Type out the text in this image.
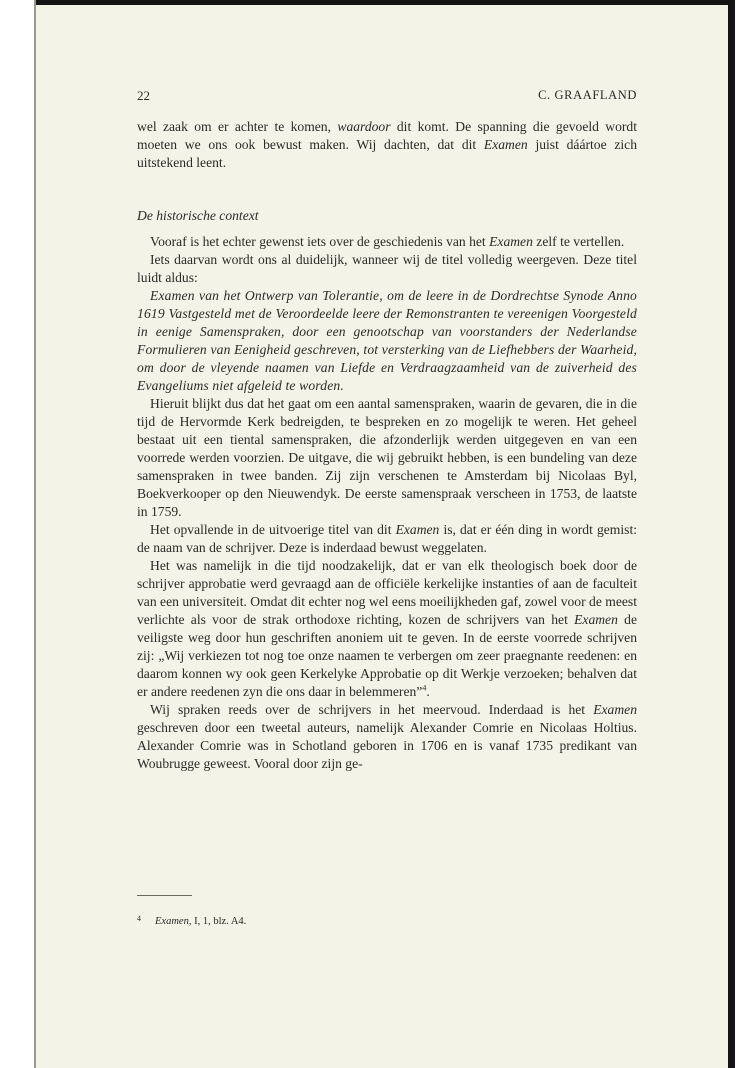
22	C. GRAAFLAND

wel zaak om er achter te komen, waardoor dit komt. De spanning die gevoeld wordt moeten we ons ook bewust maken. Wij dachten, dat dit Examen juist dáártoe zich uitstekend leent.

De historische context

Vooraf is het echter gewenst iets over de geschiedenis van het Examen zelf te vertellen.

Iets daarvan wordt ons al duidelijk, wanneer wij de titel volledig weergeven. Deze titel luidt aldus:

Examen van het Ontwerp van Tolerantie, om de leere in de Dordrechtse Synode Anno 1619 Vastgesteld met de Veroordeelde leere der Remonstranten te vereenigen Voorgesteld in eenige Samenspraken, door een genootschap van voorstanders der Nederlandse Formulieren van Eenigheid geschreven, tot versterking van de Liefhebbers der Waarheid, om door de vleyende naamen van Liefde en Verdraagzaamheid van de zuiverheid des Evangeliums niet afgeleid te worden.

Hieruit blijkt dus dat het gaat om een aantal samenspraken, waarin de gevaren, die in die tijd de Hervormde Kerk bedreigden, te bespreken en zo mogelijk te weren. Het geheel bestaat uit een tiental samenspraken, die afzonderlijk werden uitgegeven en van een voorrede werden voorzien. De uitgave, die wij gebruikt hebben, is een bundeling van deze samenspraken in twee banden. Zij zijn verschenen te Amsterdam bij Nicolaas Byl, Boekverkooper op den Nieuwendyk. De eerste samenspraak verscheen in 1753, de laatste in 1759.

Het opvallende in de uitvoerige titel van dit Examen is, dat er één ding in wordt gemist: de naam van de schrijver. Deze is inderdaad bewust weggelaten.

Het was namelijk in die tijd noodzakelijk, dat er van elk theologisch boek door de schrijver approbatie werd gevraagd aan de officiële kerkelijke instanties of aan de faculteit van een universiteit. Omdat dit echter nog wel eens moeilijkheden gaf, zowel voor de meest verlichte als voor de strak orthodoxe richting, kozen de schrijvers van het Examen de veiligste weg door hun geschriften anoniem uit te geven. In de eerste voorrede schrijven zij: „Wij verkiezen tot nog toe onze naamen te verbergen om zeer praegnante reedenen: en daarom konnen wy ook geen Kerkelyke Approbatie op dit Werkje verzoeken; behalven dat er andere reedenen zyn die ons daar in belemmeren”$^4$.

Wij spraken reeds over de schrijvers in het meervoud. Inderdaad is het Examen geschreven door een tweetal auteurs, namelijk Alexander Comrie en Nicolaas Holtius. Alexander Comrie was in Schotland geboren in 1706 en is vanaf 1735 predikant van Woubrugge geweest. Vooral door zijn ge-

4 Examen, I, 1, blz. A4.
